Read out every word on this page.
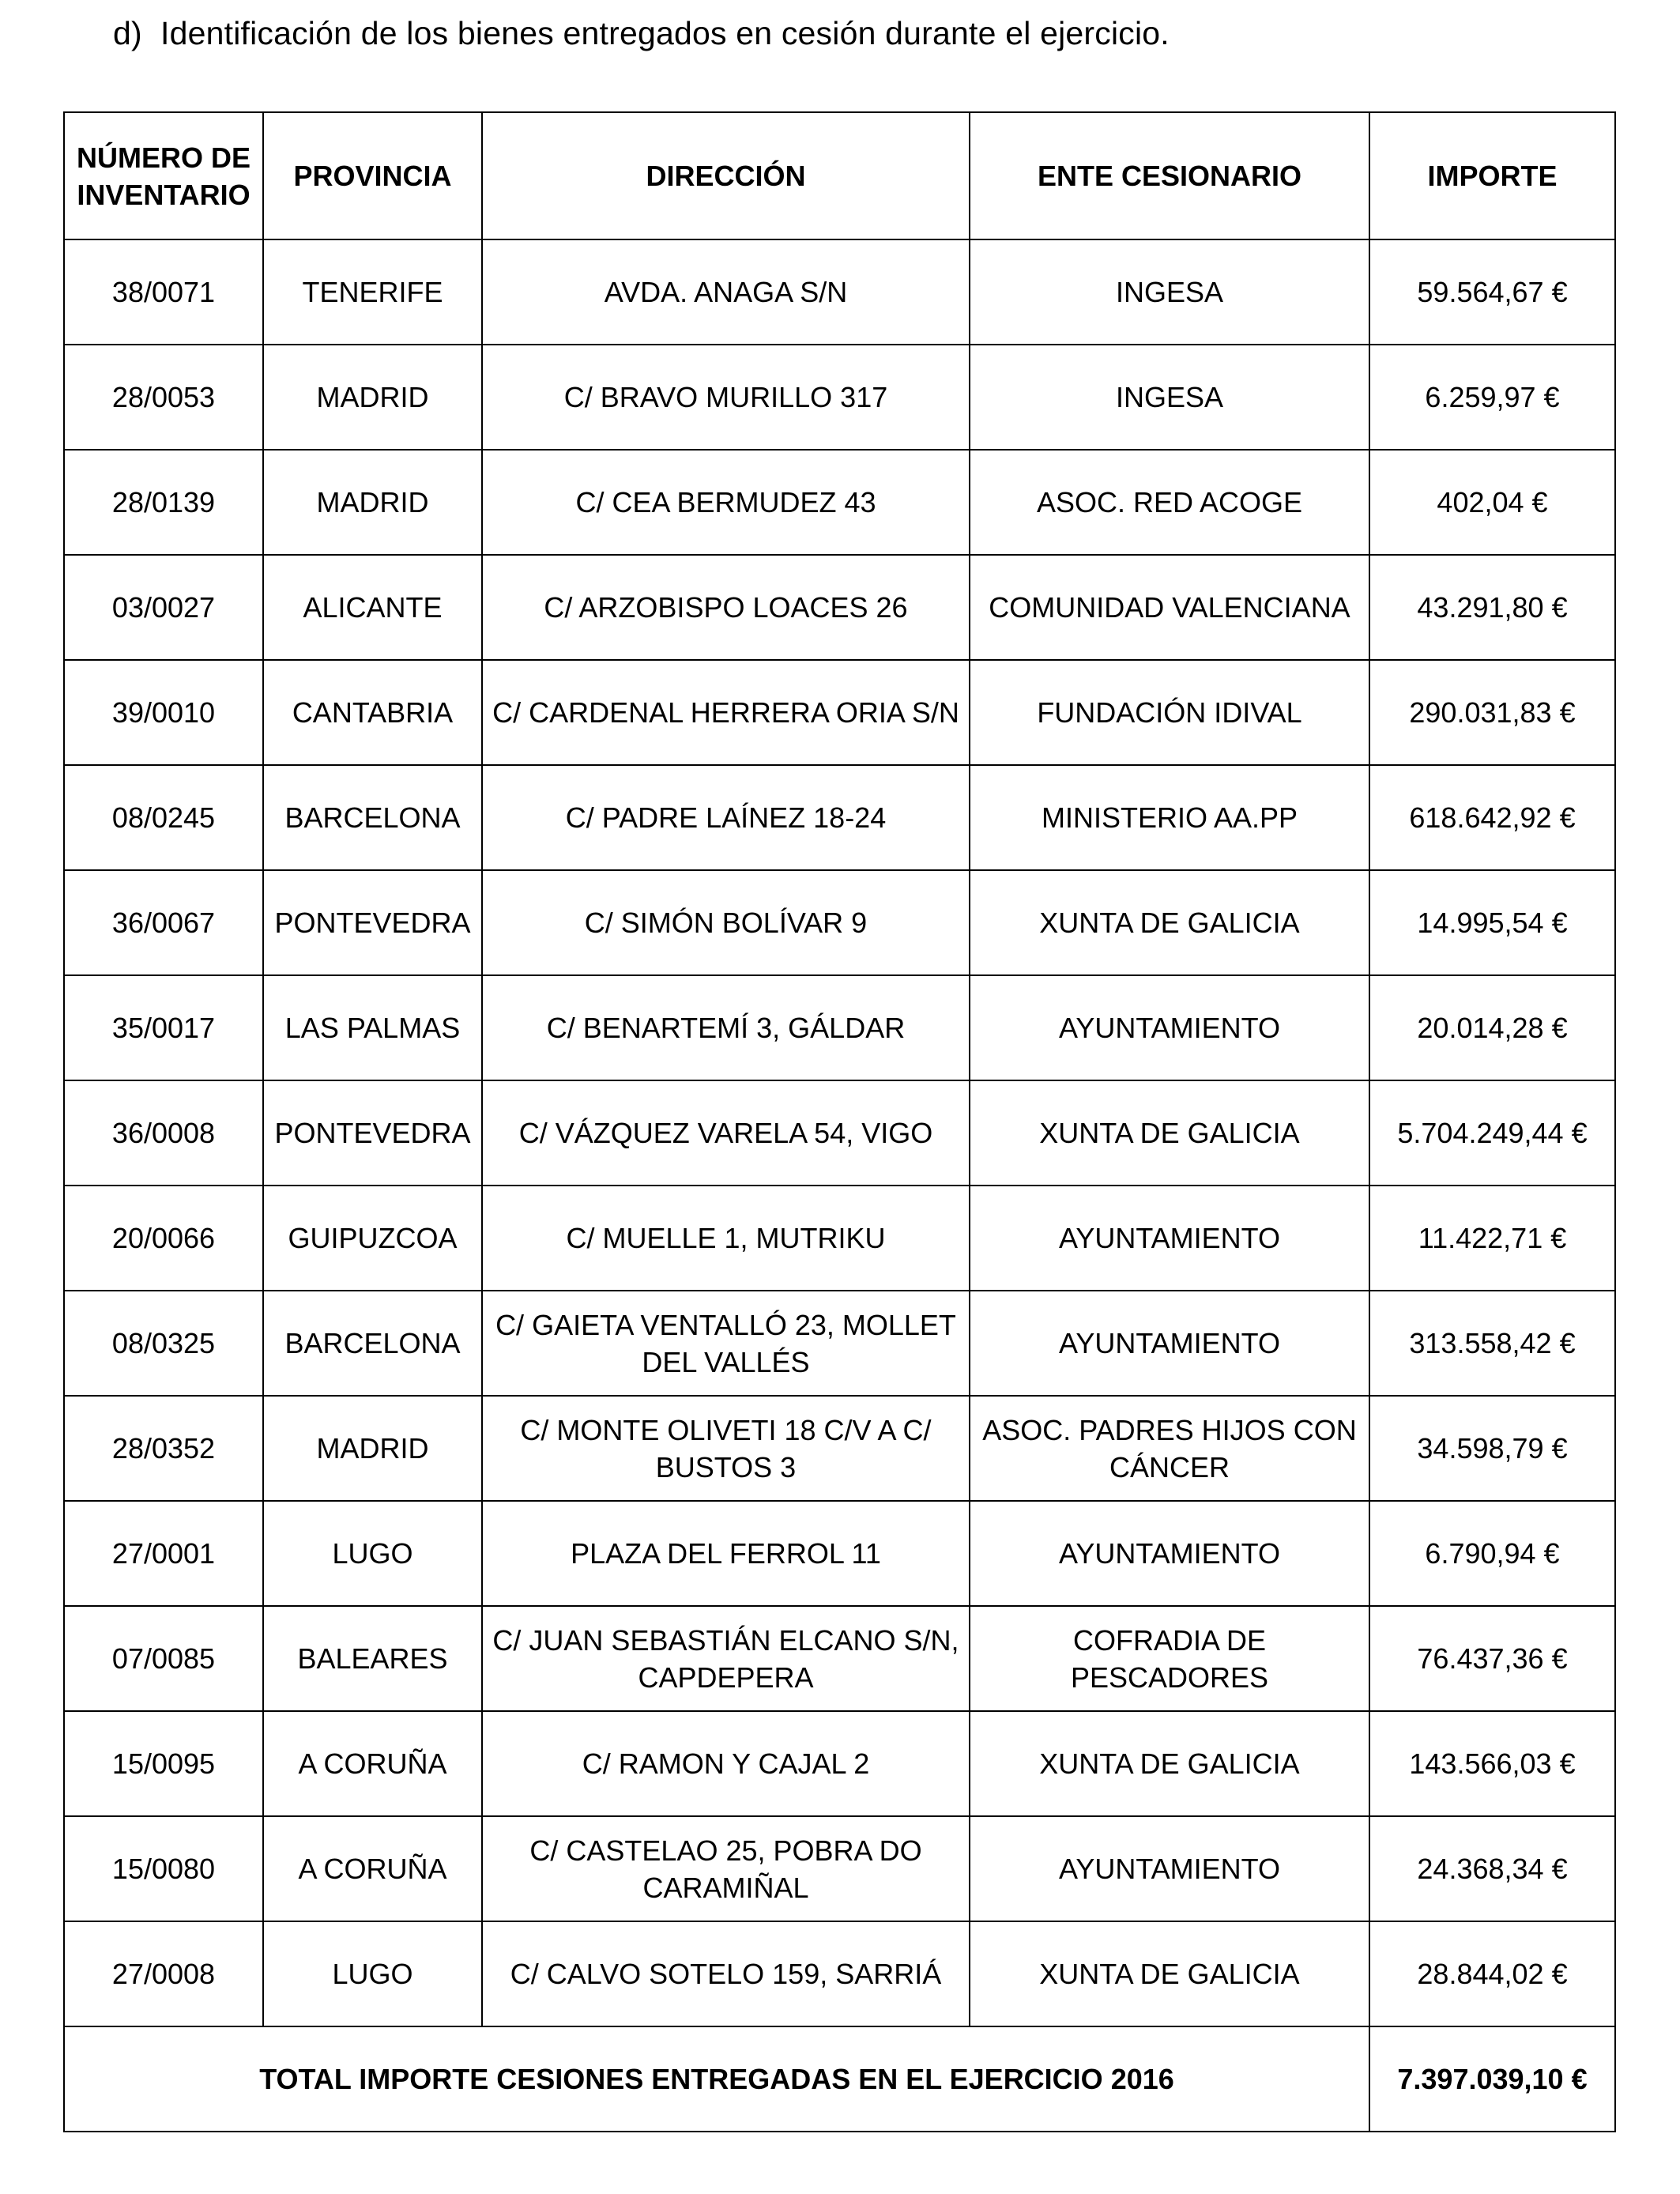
d) Identificación de los bienes entregados en cesión durante el ejercicio.
NÚMERO DE
INVENTARIO	PROVINCIA	DIRECCIÓN	ENTE CESIONARIO	IMPORTE
38/0071	TENERIFE	AVDA. ANAGA S/N	INGESA	59.564,67 €
28/0053	MADRID	C/ BRAVO MURILLO 317	INGESA	6.259,97 €
28/0139	MADRID	C/ CEA BERMUDEZ 43	ASOC. RED ACOGE	402,04 €
03/0027	ALICANTE	C/ ARZOBISPO LOACES 26	COMUNIDAD VALENCIANA	43.291,80 €
39/0010	CANTABRIA	C/ CARDENAL HERRERA ORIA S/N	FUNDACIÓN IDIVAL	290.031,83 €
08/0245	BARCELONA	C/ PADRE LAÍNEZ 18-24	MINISTERIO AA.PP	618.642,92 €
36/0067	PONTEVEDRA	C/ SIMÓN BOLÍVAR 9	XUNTA DE GALICIA	14.995,54 €
35/0017	LAS PALMAS	C/ BENARTEMÍ 3, GÁLDAR	AYUNTAMIENTO	20.014,28 €
36/0008	PONTEVEDRA	C/ VÁZQUEZ VARELA 54, VIGO	XUNTA DE GALICIA	5.704.249,44 €
20/0066	GUIPUZCOA	C/ MUELLE 1, MUTRIKU	AYUNTAMIENTO	11.422,71 €
08/0325	BARCELONA	C/ GAIETA VENTALLÓ 23, MOLLET
DEL VALLÉS	AYUNTAMIENTO	313.558,42 €
28/0352	MADRID	C/ MONTE OLIVETI 18 C/V A C/
BUSTOS 3	ASOC. PADRES HIJOS CON
CÁNCER	34.598,79 €
27/0001	LUGO	PLAZA DEL FERROL 11	AYUNTAMIENTO	6.790,94 €
07/0085	BALEARES	C/ JUAN SEBASTIÁN ELCANO S/N,
CAPDEPERA	COFRADIA DE
PESCADORES	76.437,36 €
15/0095	A CORUÑA	C/ RAMON Y CAJAL 2	XUNTA DE GALICIA	143.566,03 €
15/0080	A CORUÑA	C/ CASTELAO 25, POBRA DO
CARAMIÑAL	AYUNTAMIENTO	24.368,34 €
27/0008	LUGO	C/ CALVO SOTELO 159, SARRIÁ	XUNTA DE GALICIA	28.844,02 €
TOTAL IMPORTE CESIONES ENTREGADAS EN EL EJERCICIO 2016				7.397.039,10 €
